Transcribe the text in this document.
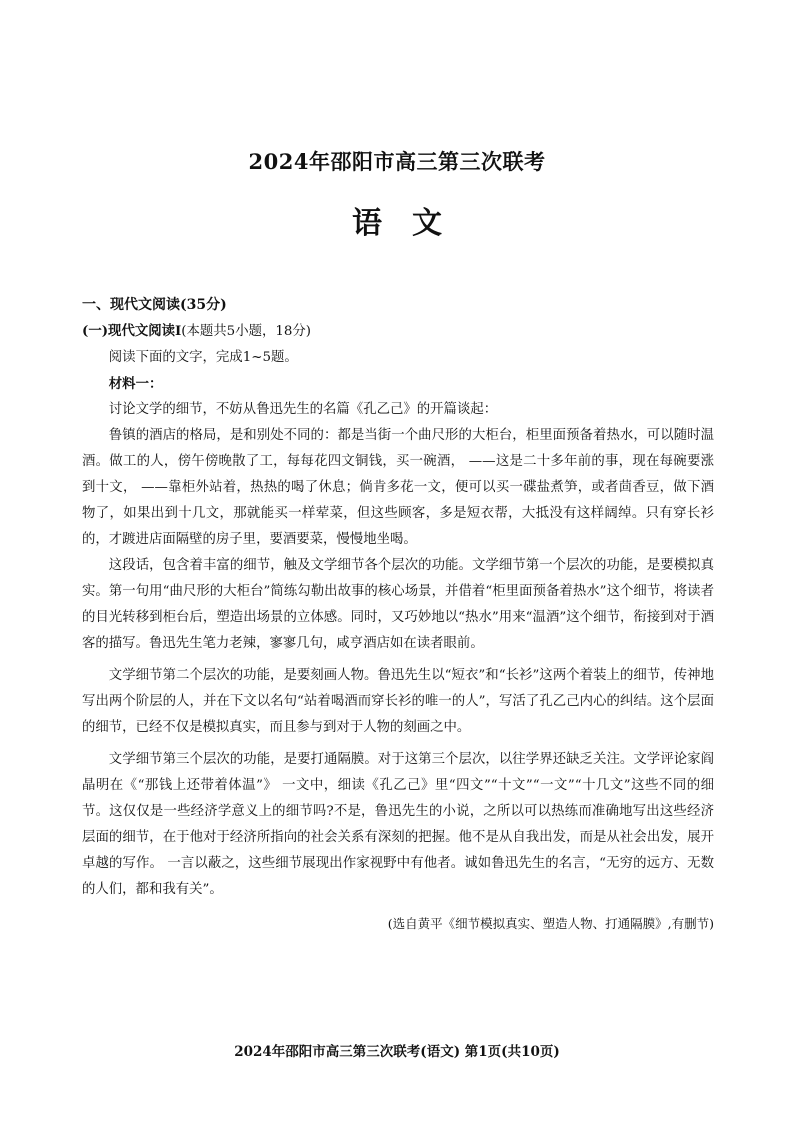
2024年邵阳市高三第三次联考
语文

一、现代文阅读(35分)

(一)现代文阅读Ⅰ(本题共5小题，18分)

阅读下面的文字，完成1~5题。

材料一：

讨论文学的细节，不妨从鲁迅先生的名篇《孔乙己》的开篇谈起：

鲁镇的酒店的格局，是和别处不同的：都是当街一个曲尺形的大柜台，柜里面预备着热水，可以随时温酒。做工的人，傍午傍晚散了工，每每花四文铜钱，买一碗酒， ——这是二十多年前的事，现在每碗要涨到十文， ——靠柜外站着，热热的喝了休息；倘肯多花一文，便可以买一碟盐煮笋，或者茴香豆，做下酒物了，如果出到十几文，那就能买一样荤菜，但这些顾客，多是短衣帮，大抵没有这样阔绰。只有穿长衫的，才踱进店面隔壁的房子里，要酒要菜，慢慢地坐喝。

这段话，包含着丰富的细节，触及文学细节各个层次的功能。文学细节第一个层次的功能，是要模拟真实。第一句用“曲尺形的大柜台”简练勾勒出故事的核心场景，并借着“柜里面预备着热水”这个细节，将读者的目光转移到柜台后，塑造出场景的立体感。同时，又巧妙地以“热水”用来“温酒”这个细节，衔接到对于酒客的描写。鲁迅先生笔力老辣，寥寥几句，咸亨酒店如在读者眼前。

文学细节第二个层次的功能，是要刻画人物。鲁迅先生以“短衣”和“长衫”这两个着装上的细节，传神地写出两个阶层的人，并在下文以名句“站着喝酒而穿长衫的唯一的人”，写活了孔乙己内心的纠结。这个层面的细节，已经不仅是模拟真实，而且参与到对于人物的刻画之中。

文学细节第三个层次的功能，是要打通隔膜。对于这第三个层次，以往学界还缺乏关注。文学评论家阎晶明在《“那钱上还带着体温”》 一文中，细读《孔乙己》里“四文”“十文”“一文”“十几文”这些不同的细节。这仅仅是一些经济学意义上的细节吗?不是，鲁迅先生的小说，之所以可以热练而准确地写出这些经济层面的细节，在于他对于经济所指向的社会关系有深刻的把握。他不是从自我出发，而是从社会出发，展开卓越的写作。 一言以蔽之，这些细节展现出作家视野中有他者。诚如鲁迅先生的名言，“无穷的远方、无数的人们，都和我有关”。

(选自黄平《细节模拟真实、塑造人物、打通隔膜》,有删节)

2024年邵阳市高三第三次联考(语文) 第1页(共10页)
